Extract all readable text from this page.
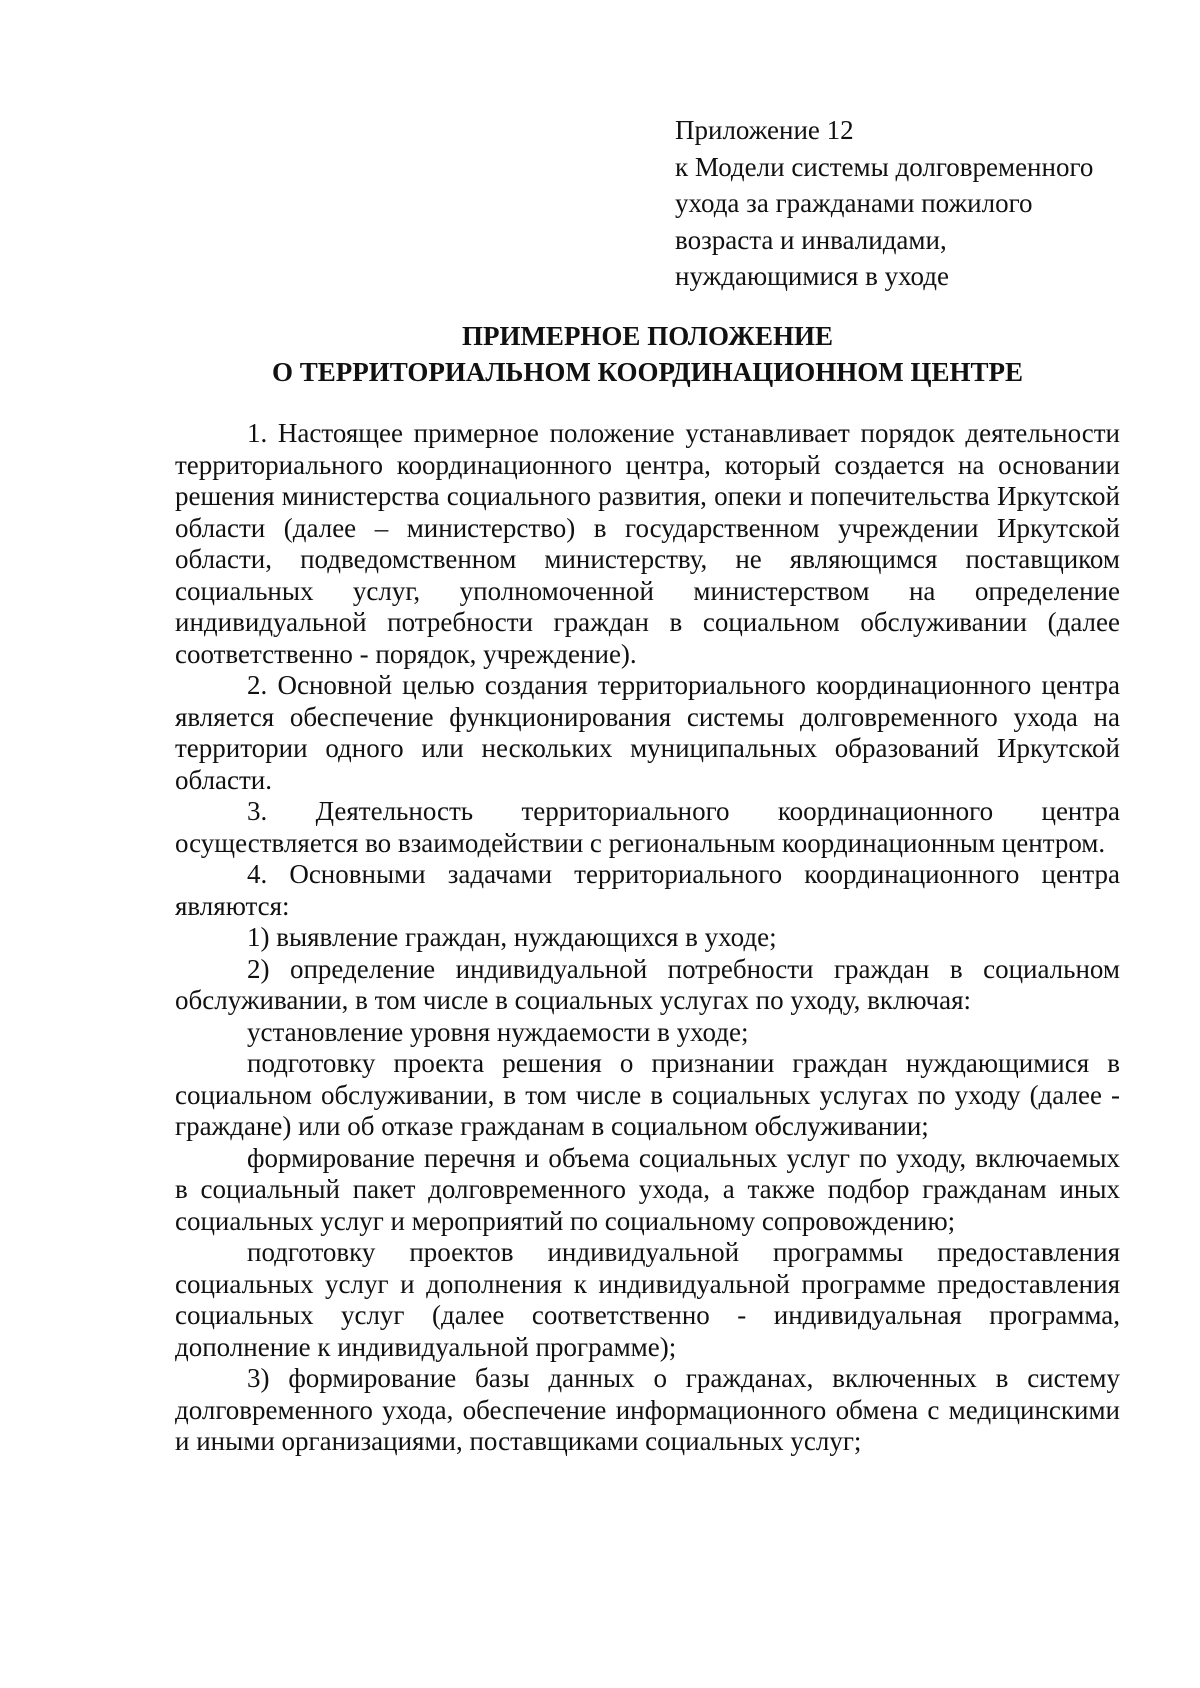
Приложение 12
к Модели системы долговременного
ухода за гражданами пожилого
возраста и инвалидами,
нуждающимися в уходе
ПРИМЕРНОЕ ПОЛОЖЕНИЕ
О ТЕРРИТОРИАЛЬНОМ КООРДИНАЦИОННОМ ЦЕНТРЕ

1. Настоящее примерное положение устанавливает порядок деятельности территориального координационного центра, который создается на основании решения министерства социального развития, опеки и попечительства Иркутской области (далее – министерство) в государственном учреждении Иркутской области, подведомственном министерству, не являющимся поставщиком социальных услуг, уполномоченной министерством на определение индивидуальной потребности граждан в социальном обслуживании (далее соответственно - порядок, учреждение).

2. Основной целью создания территориального координационного центра является обеспечение функционирования системы долговременного ухода на территории одного или нескольких муниципальных образований Иркутской области.

3. Деятельность территориального координационного центра осуществляется во взаимодействии с региональным координационным центром.

4. Основными задачами территориального координационного центра являются:

1) выявление граждан, нуждающихся в уходе;

2) определение индивидуальной потребности граждан в социальном обслуживании, в том числе в социальных услугах по уходу, включая:

установление уровня нуждаемости в уходе;

подготовку проекта решения о признании граждан нуждающимися в социальном обслуживании, в том числе в социальных услугах по уходу (далее - граждане) или об отказе гражданам в социальном обслуживании;

формирование перечня и объема социальных услуг по уходу, включаемых в социальный пакет долговременного ухода, а также подбор гражданам иных социальных услуг и мероприятий по социальному сопровождению;

подготовку проектов индивидуальной программы предоставления социальных услуг и дополнения к индивидуальной программе предоставления социальных услуг (далее соответственно - индивидуальная программа, дополнение к индивидуальной программе);

3) формирование базы данных о гражданах, включенных в систему долговременного ухода, обеспечение информационного обмена с медицинскими и иными организациями, поставщиками социальных услуг;
